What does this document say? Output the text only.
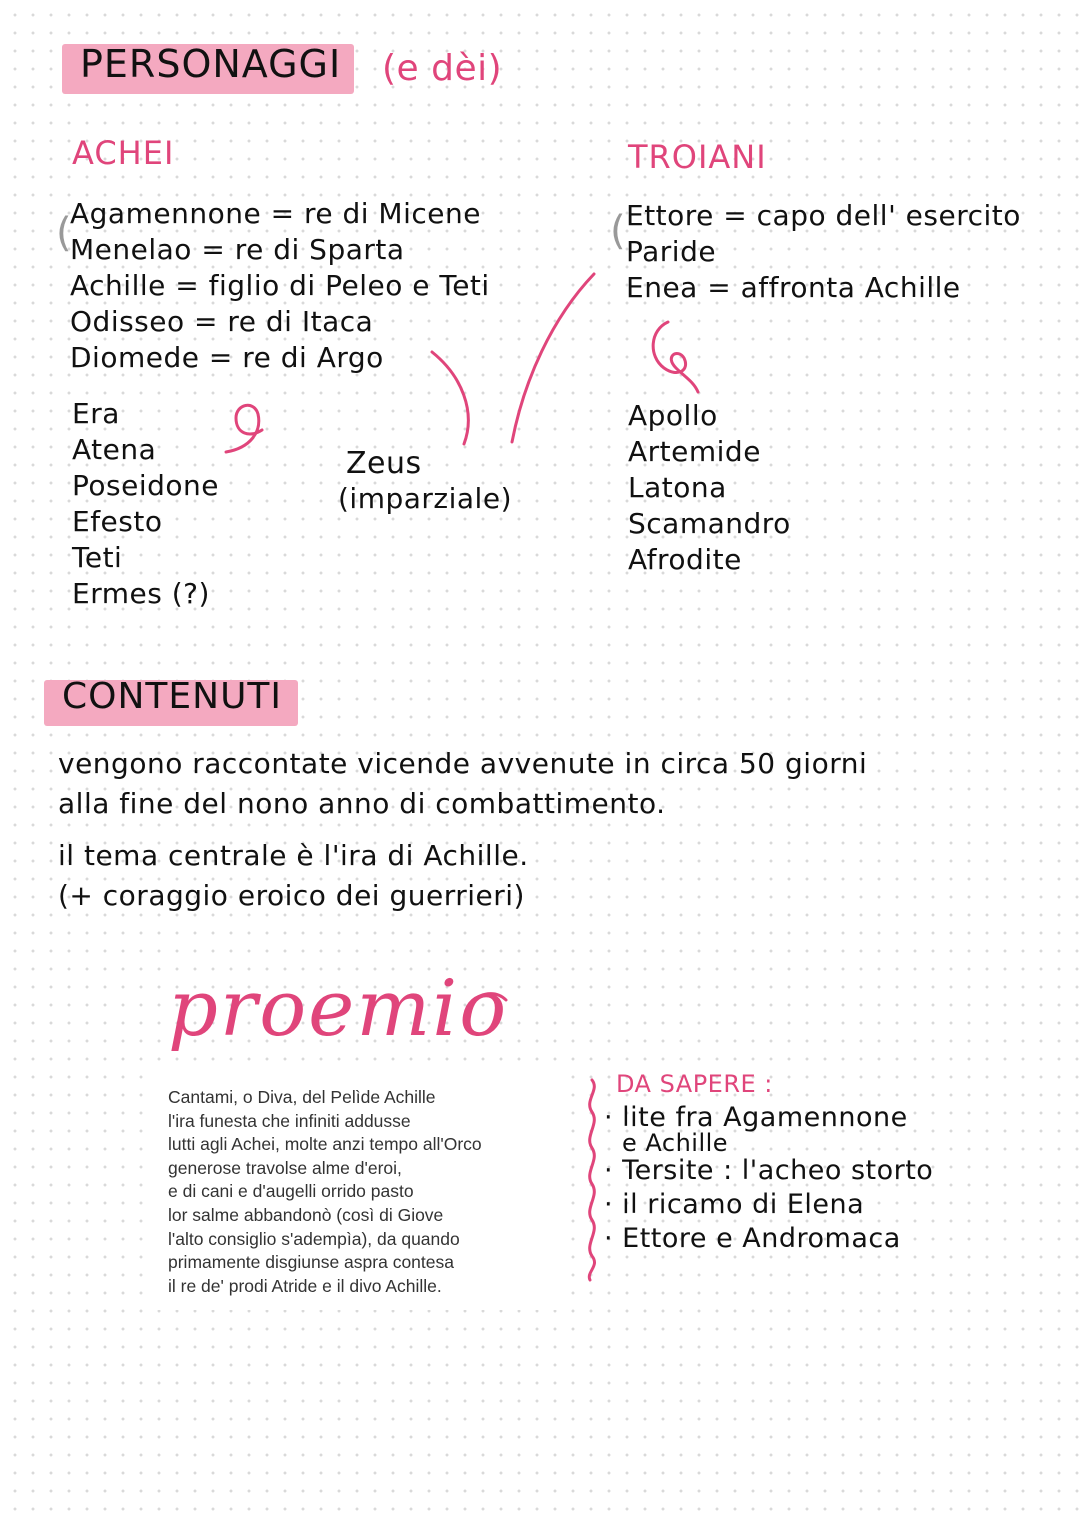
PERSONAGGI (e dèi)
ACHEI
(
Agamennone = re di Micene
Menelao = re di Sparta
Achille = figlio di Peleo e Teti
Odisseo = re di Itaca
Diomede = re di Argo
Era
Atena
Poseidone
Efesto
Teti
Ermes (?)
TROIANI
( Ettore = capo dell' esercito
Paride
Enea = affronta Achille
Apollo
Artemide
Latona
Scamandro
Afrodite
Zeus
(imparziale)
CONTENUTI
vengono raccontate vicende avvenute in circa 50 giorni
alla fine del nono anno di combattimento.
il tema centrale è l'ira di Achille.
(+ coraggio eroico dei guerrieri)
proemio
Cantami, o Diva, del Pelìde Achille
l'ira funesta che infiniti addusse
lutti agli Achei, molte anzi tempo all'Orco
generose travolse alme d'eroi,
e di cani e d'augelli orrido pasto
lor salme abbandonò (così di Giove
l'alto consiglio s'adempìa), da quando
primamente disgiunse aspra contesa
il re de' prodi Atride e il divo Achille.
DA SAPERE :
· lite fra Agamennone
e Achille
· Tersite : l'acheo storto
· il ricamo di Elena
· Ettore e Andromaca
